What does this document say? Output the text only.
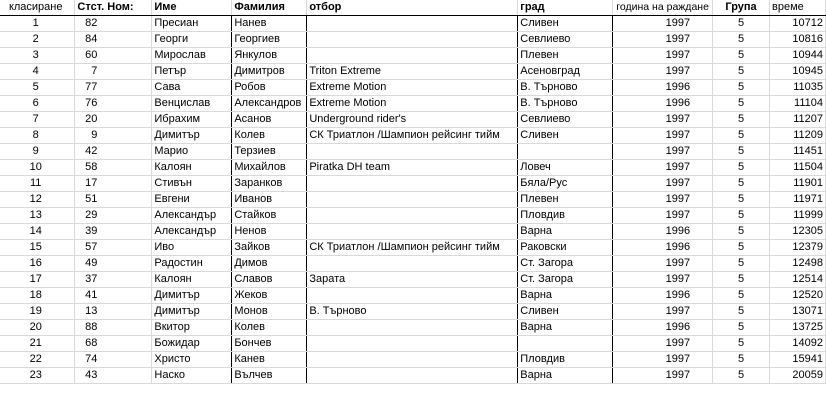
класиране	Стст. Ном:	Име	Фамилия	отбор	град	година на раждане	Група	време
1	82	Пресиан	Нанев		Сливен	1997	5	10712
2	84	Георги	Георгиев		Севлиево	1997	5	10816
3	60	Мирослав	Янкулов		Плевен	1997	5	10944
4	7	Петър	Димитров	Triton Extreme	Асеновград	1997	5	10945
5	77	Сава	Робов	Extreme Motion	В. Търново	1996	5	11035
6	76	Венцислав	Александров	Extreme Motion	В. Търново	1996	5	11104
7	20	Ибрахим	Асанов	Underground rider's	Севлиево	1997	5	11207
8	9	Димитър	Колев	СК Триатлон /Шампион рейсинг тийм	Сливен	1997	5	11209
9	42	Марио	Терзиев			1997	5	11451
10	58	Калоян	Михайлов	Piratka DH team	Ловеч	1997	5	11504
11	17	Стивън	Заранков		Бяла/Рус	1997	5	11901
12	51	Евгени	Иванов		Плевен	1997	5	11971
13	29	Александър	Стайков		Пловдив	1997	5	11999
14	39	Александър	Ненов		Варна	1996	5	12305
15	57	Иво	Зайков	СК Триатлон /Шампион рейсинг тийм	Раковски	1996	5	12379
16	49	Радостин	Димов		Ст. Загора	1997	5	12498
17	37	Калоян	Славов	Зарата	Ст. Загора	1997	5	12514
18	41	Димитър	Жеков		Варна	1996	5	12520
19	13	Димитър	Монов	В. Търново	Сливен	1997	5	13071
20	88	Вкитор	Колев		Варна	1996	5	13725
21	68	Божидар	Бончев			1997	5	14092
22	74	Христо	Канев		Пловдив	1997	5	15941
23	43	Наско	Вълчев		Варна	1997	5	20059
